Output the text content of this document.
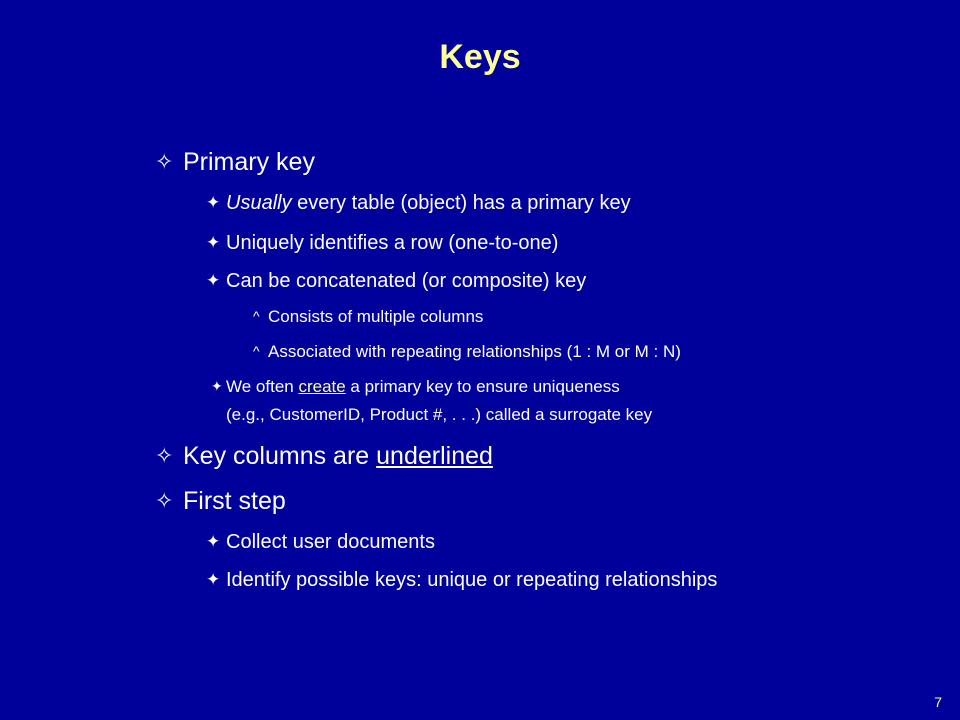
Keys
✧ Primary key
✦ Usually every table (object) has a primary key
✦ Uniquely identifies a row (one-to-one)
✦ Can be concatenated (or composite) key
^ Consists of multiple columns
^ Associated with repeating relationships (1 : M or M : N)
✦ We often create a primary key to ensure uniqueness
(e.g., CustomerID, Product #, . . .) called a surrogate key
✧ Key columns are underlined
✧ First step
✦ Collect user documents
✦ Identify possible keys: unique or repeating relationships
7
